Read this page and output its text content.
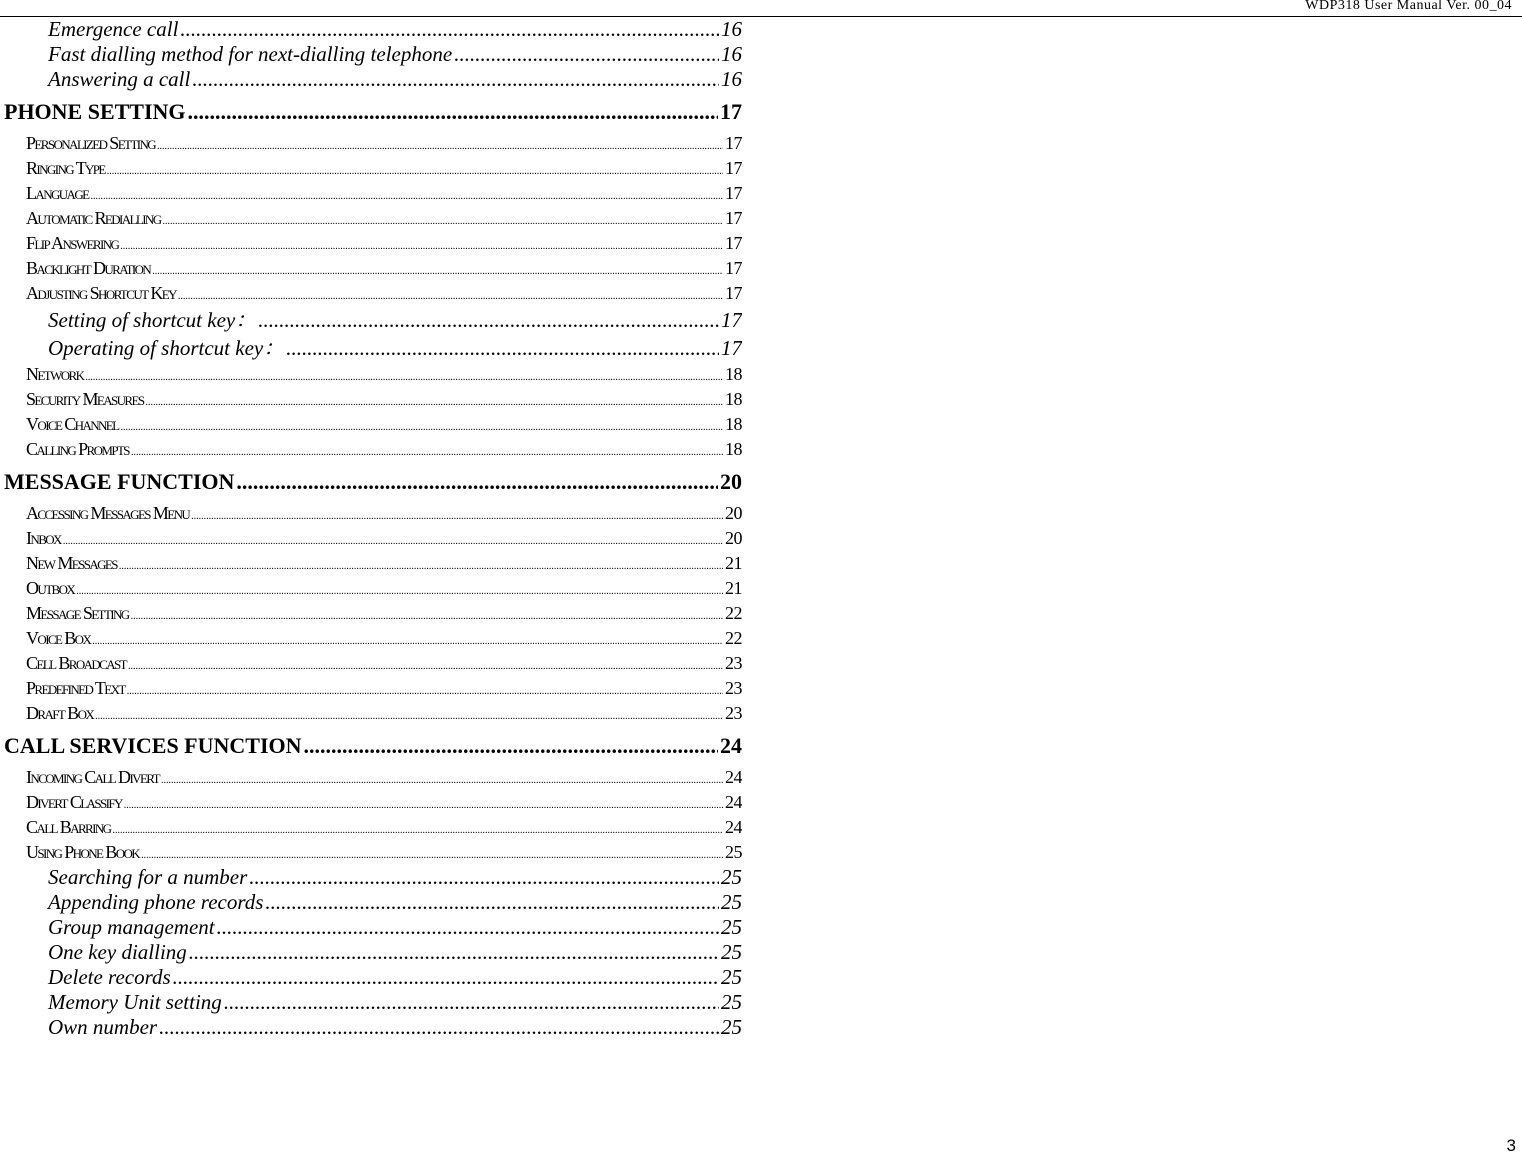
WDP318 User Manual Ver. 00_04
Emergence call .....	16
Fast dialling method for next-dialling telephone .....	16
Answering a call .....	16
PHONE SETTING .....	17
PERSONALIZED SETTING .....	17
RINGING TYPE .....	17
LANGUAGE .....	17
AUTOMATIC REDIALLING .....	17
FLIP ANSWERING .....	17
BACKLIGHT DURATION .....	17
ADJUSTING SHORTCUT KEY .....	17
Setting of shortcut key： .....	17
Operating of shortcut key： .....	17
NETWORK .....	18
SECURITY MEASURES .....	18
VOICE CHANNEL .....	18
CALLING PROMPTS .....	18
MESSAGE FUNCTION .....	20
ACCESSING MESSAGES MENU .....	20
INBOX .....	20
NEW MESSAGES .....	21
OUTBOX .....	21
MESSAGE SETTING .....	22
VOICE BOX .....	22
CELL BROADCAST .....	23
PREDEFINED TEXT .....	23
DRAFT BOX .....	23
CALL SERVICES FUNCTION .....	24
INCOMING CALL DIVERT .....	24
DIVERT CLASSIFY .....	24
CALL BARRING .....	24
USING PHONE BOOK .....	25
Searching for a number .....	25
Appending phone records .....	25
Group management .....	25
One key dialling .....	25
Delete records .....	25
Memory Unit setting .....	25
Own number .....	25
3
